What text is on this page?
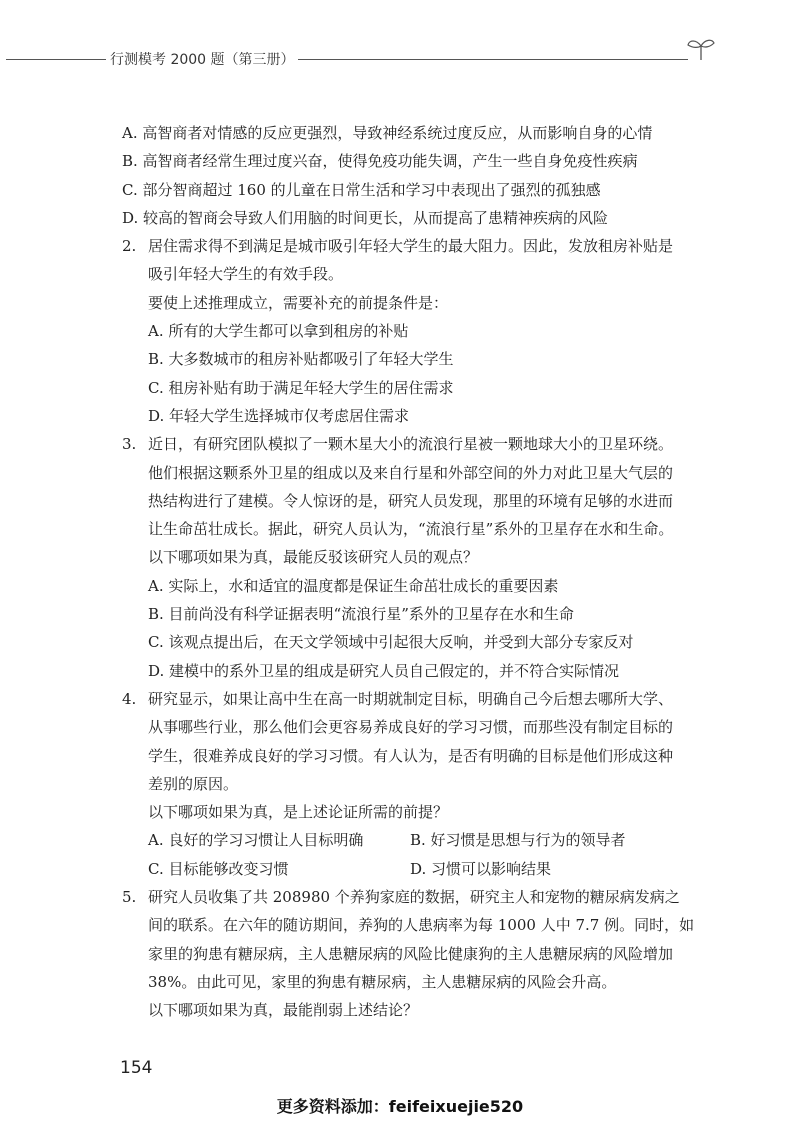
行测模考 2000 题（第三册）
A. 高智商者对情感的反应更强烈，导致神经系统过度反应，从而影响自身的心情
B. 高智商者经常生理过度兴奋，使得免疫功能失调，产生一些自身免疫性疾病
C. 部分智商超过 160 的儿童在日常生活和学习中表现出了强烈的孤独感
D. 较高的智商会导致人们用脑的时间更长，从而提高了患精神疾病的风险
2. 居住需求得不到满足是城市吸引年轻大学生的最大阻力。因此，发放租房补贴是
吸引年轻大学生的有效手段。
要使上述推理成立，需要补充的前提条件是：
A. 所有的大学生都可以拿到租房的补贴
B. 大多数城市的租房补贴都吸引了年轻大学生
C. 租房补贴有助于满足年轻大学生的居住需求
D. 年轻大学生选择城市仅考虑居住需求
3. 近日，有研究团队模拟了一颗木星大小的流浪行星被一颗地球大小的卫星环绕。
他们根据这颗系外卫星的组成以及来自行星和外部空间的外力对此卫星大气层的
热结构进行了建模。令人惊讶的是，研究人员发现，那里的环境有足够的水进而
让生命茁壮成长。据此，研究人员认为，“流浪行星”系外的卫星存在水和生命。
以下哪项如果为真，最能反驳该研究人员的观点？
A. 实际上，水和适宜的温度都是保证生命茁壮成长的重要因素
B. 目前尚没有科学证据表明“流浪行星”系外的卫星存在水和生命
C. 该观点提出后，在天文学领域中引起很大反响，并受到大部分专家反对
D. 建模中的系外卫星的组成是研究人员自己假定的，并不符合实际情况
4. 研究显示，如果让高中生在高一时期就制定目标，明确自己今后想去哪所大学、
从事哪些行业，那么他们会更容易养成良好的学习习惯，而那些没有制定目标的
学生，很难养成良好的学习习惯。有人认为，是否有明确的目标是他们形成这种
差别的原因。
以下哪项如果为真，是上述论证所需的前提？
A. 良好的学习习惯让人目标明确	B. 好习惯是思想与行为的领导者
C. 目标能够改变习惯	D. 习惯可以影响结果
5. 研究人员收集了共 208980 个养狗家庭的数据，研究主人和宠物的糖尿病发病之
间的联系。在六年的随访期间，养狗的人患病率为每 1000 人中 7.7 例。同时，如
家里的狗患有糖尿病，主人患糖尿病的风险比健康狗的主人患糖尿病的风险增加
38%。由此可见，家里的狗患有糖尿病，主人患糖尿病的风险会升高。
以下哪项如果为真，最能削弱上述结论？
154
更多资料添加：feifeixuejie520
